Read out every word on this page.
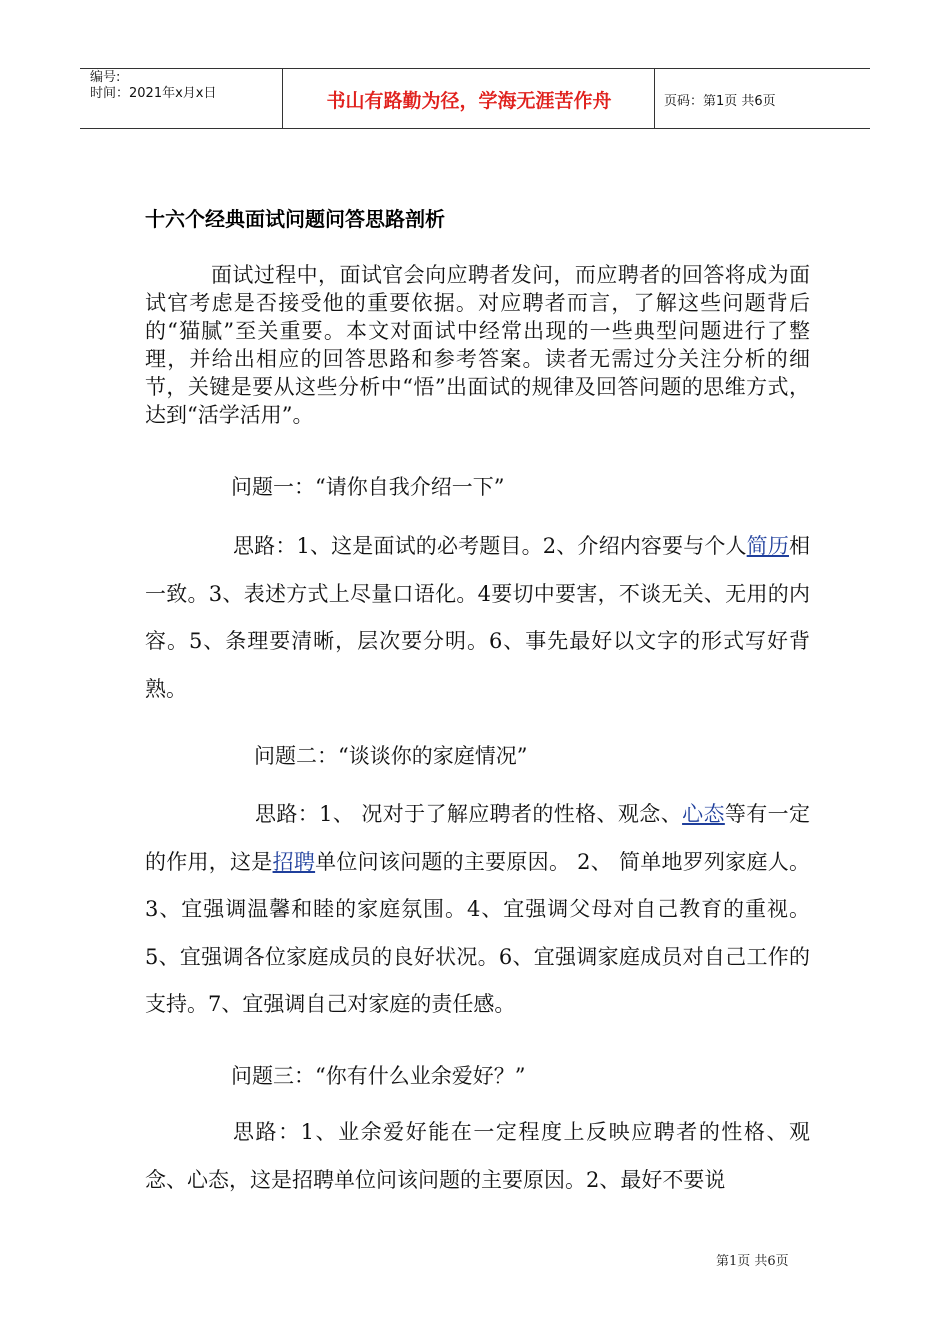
编号:
时间：2021年x月x日	书山有路勤为径，学海无涯苦作舟	页码：第1页 共6页
十六个经典面试问题问答思路剖析
面试过程中，面试官会向应聘者发问，而应聘者的回答将成为面试官考虑是否接受他的重要依据。对应聘者而言，了解这些问题背后的“猫腻”至关重要。本文对面试中经常出现的一些典型问题进行了整理，并给出相应的回答思路和参考答案。读者无需过分关注分析的细节，关键是要从这些分析中“悟”出面试的规律及回答问题的思维方式，达到“活学活用”。
问题一：“请你自我介绍一下”
思路：1、这是面试的必考题目。2、介绍内容要与个人简历相一致。3、表述方式上尽量口语化。4要切中要害，不谈无关、无用的内容。5、条理要清晰，层次要分明。6、事先最好以文字的形式写好背熟。
问题二：“谈谈你的家庭情况”
思路：1、 况对于了解应聘者的性格、观念、心态等有一定的作用，这是招聘单位问该问题的主要原因。 2、 简单地罗列家庭人。3、宜强调温馨和睦的家庭氛围。4、宜强调父母对自己教育的重视。5、宜强调各位家庭成员的良好状况。6、宜强调家庭成员对自己工作的支持。7、宜强调自己对家庭的责任感。
问题三：“你有什么业余爱好？”
思路：1、业余爱好能在一定程度上反映应聘者的性格、观念、心态，这是招聘单位问该问题的主要原因。2、最好不要说
第1页 共6页
